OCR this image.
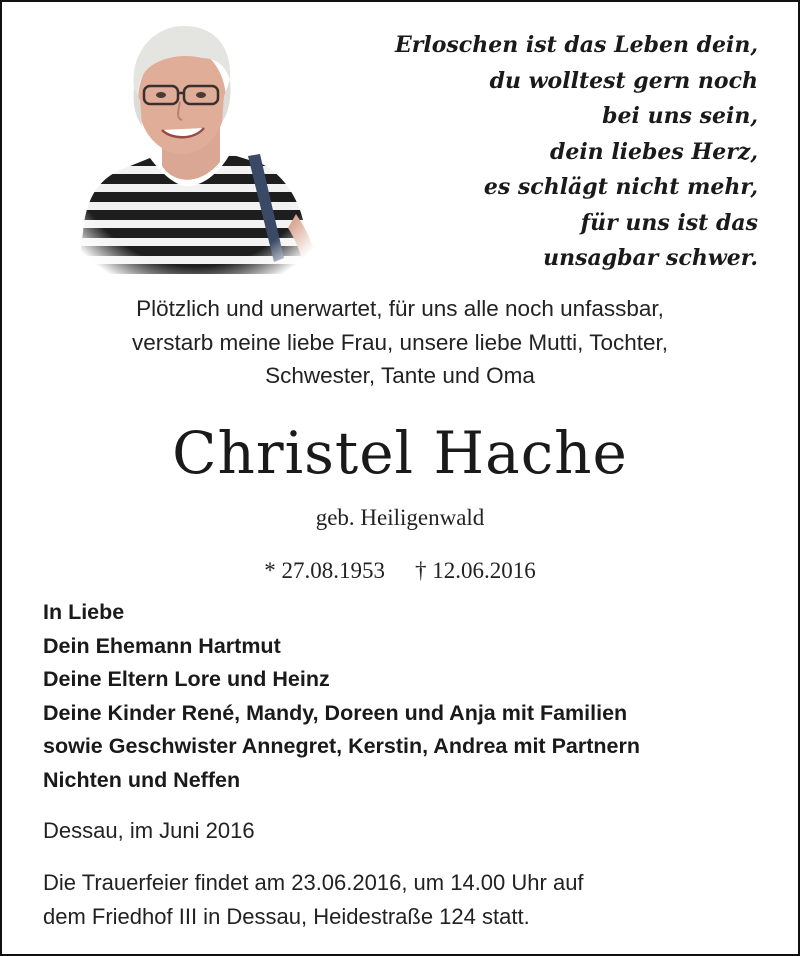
Erloschen ist das Leben dein,
du wolltest gern noch
bei uns sein,
dein liebes Herz,
es schlägt nicht mehr,
für uns ist das
unsagbar schwer.
Plötzlich und unerwartet, für uns alle noch unfassbar,
verstarb meine liebe Frau, unsere liebe Mutti, Tochter,
Schwester, Tante und Oma
Christel Hache
geb. Heiligenwald
* 27.08.1953 † 12.06.2016
In Liebe
Dein Ehemann Hartmut
Deine Eltern Lore und Heinz
Deine Kinder René, Mandy, Doreen und Anja mit Familien
sowie Geschwister Annegret, Kerstin, Andrea mit Partnern
Nichten und Neffen
Dessau, im Juni 2016
Die Trauerfeier findet am 23.06.2016, um 14.00 Uhr auf
dem Friedhof III in Dessau, Heidestraße 124 statt.
